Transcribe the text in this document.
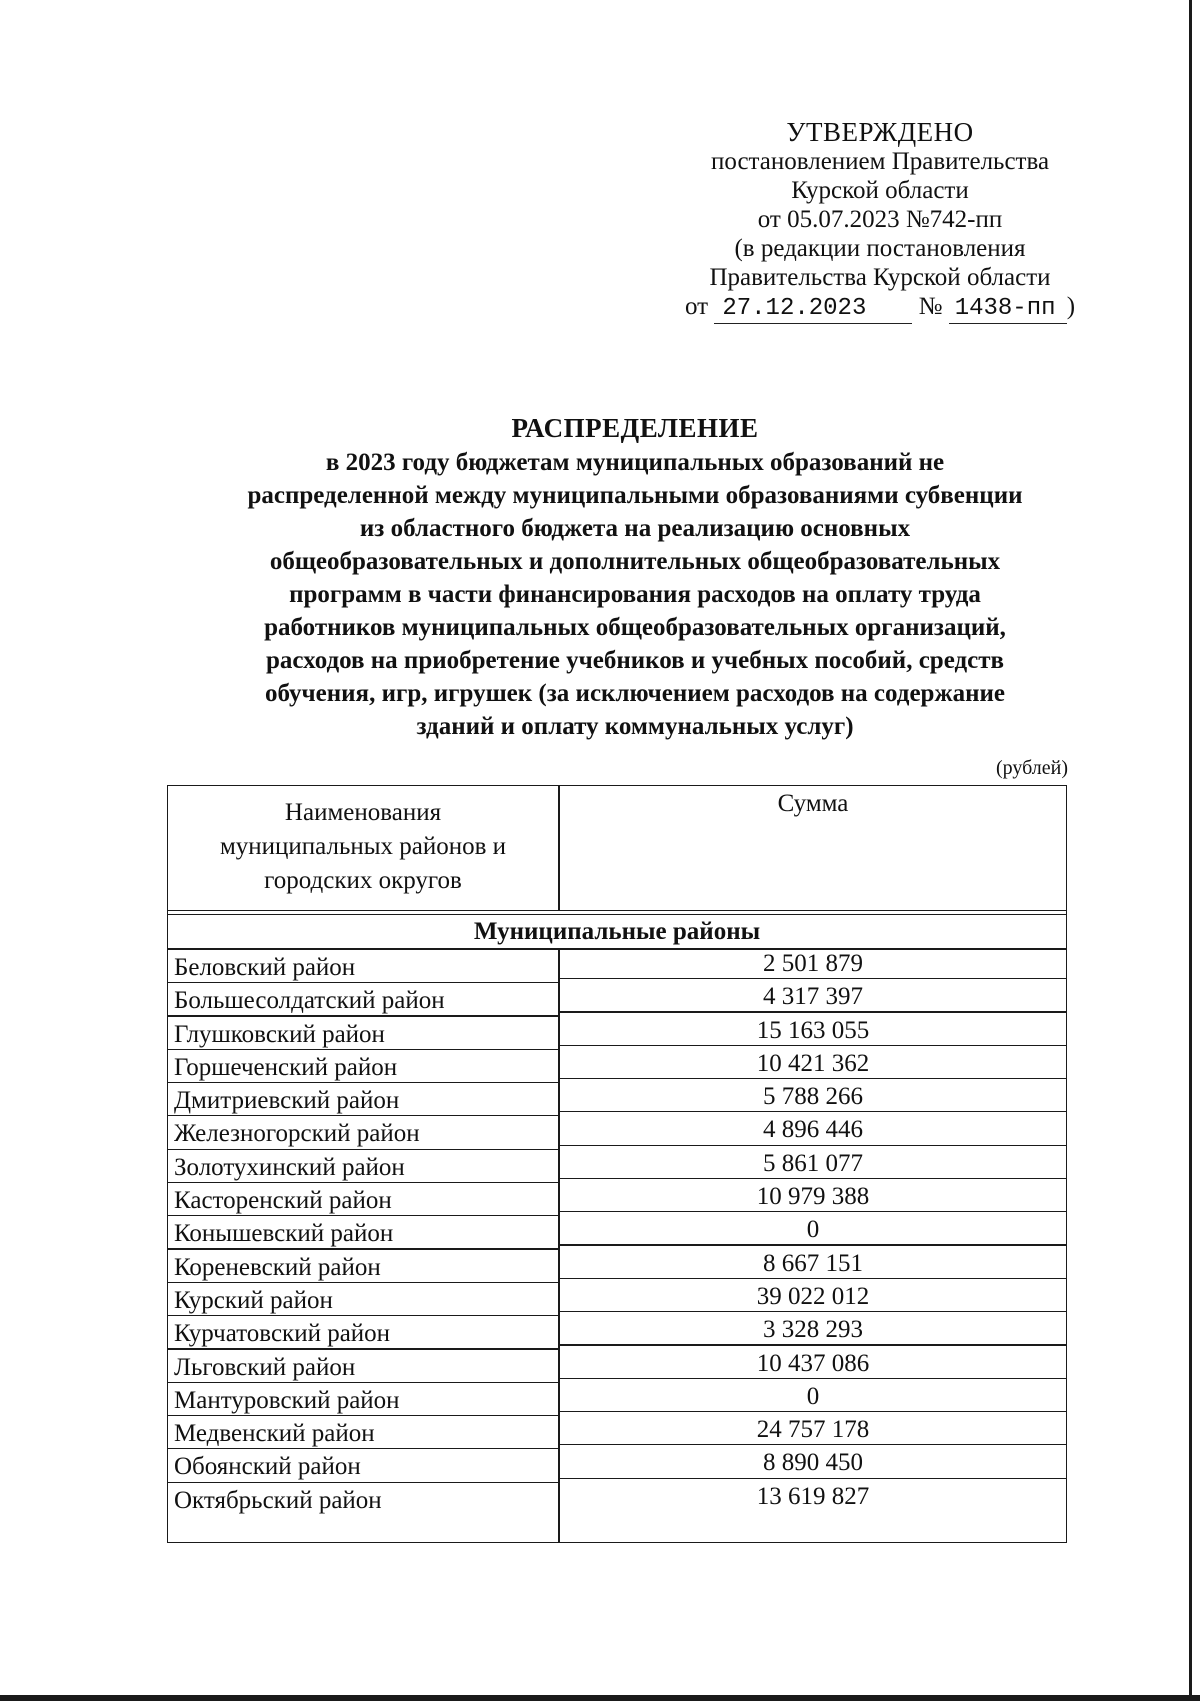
УТВЕРЖДЕНО
постановлением Правительства
Курской области
от 05.07.2023 №742-пп
(в редакции постановления
Правительства Курской области
от 27.12.2023 № 1438-пп )
РАСПРЕДЕЛЕНИЕ
в 2023 году бюджетам муниципальных образований не
распределенной между муниципальными образованиями субвенции
из областного бюджета на реализацию основных
общеобразовательных и дополнительных общеобразовательных
программ в части финансирования расходов на оплату труда
работников муниципальных общеобразовательных организаций,
расходов на приобретение учебников и учебных пособий, средств
обучения, игр, игрушек (за исключением расходов на содержание
зданий и оплату коммунальных услуг)
(рублей)
Наименования
муниципальных районов и
городских округов
Сумма
Муниципальные районы
Беловский район	2 501 879
Большесолдатский район	4 317 397
Глушковский район	15 163 055
Горшеченский район	10 421 362
Дмитриевский район	5 788 266
Железногорский район	4 896 446
Золотухинский район	5 861 077
Касторенский район	10 979 388
Конышевский район	0
Кореневский район	8 667 151
Курский район	39 022 012
Курчатовский район	3 328 293
Льговский район	10 437 086
Мантуровский район	0
Медвенский район	24 757 178
Обоянский район	8 890 450
Октябрьский район	13 619 827
